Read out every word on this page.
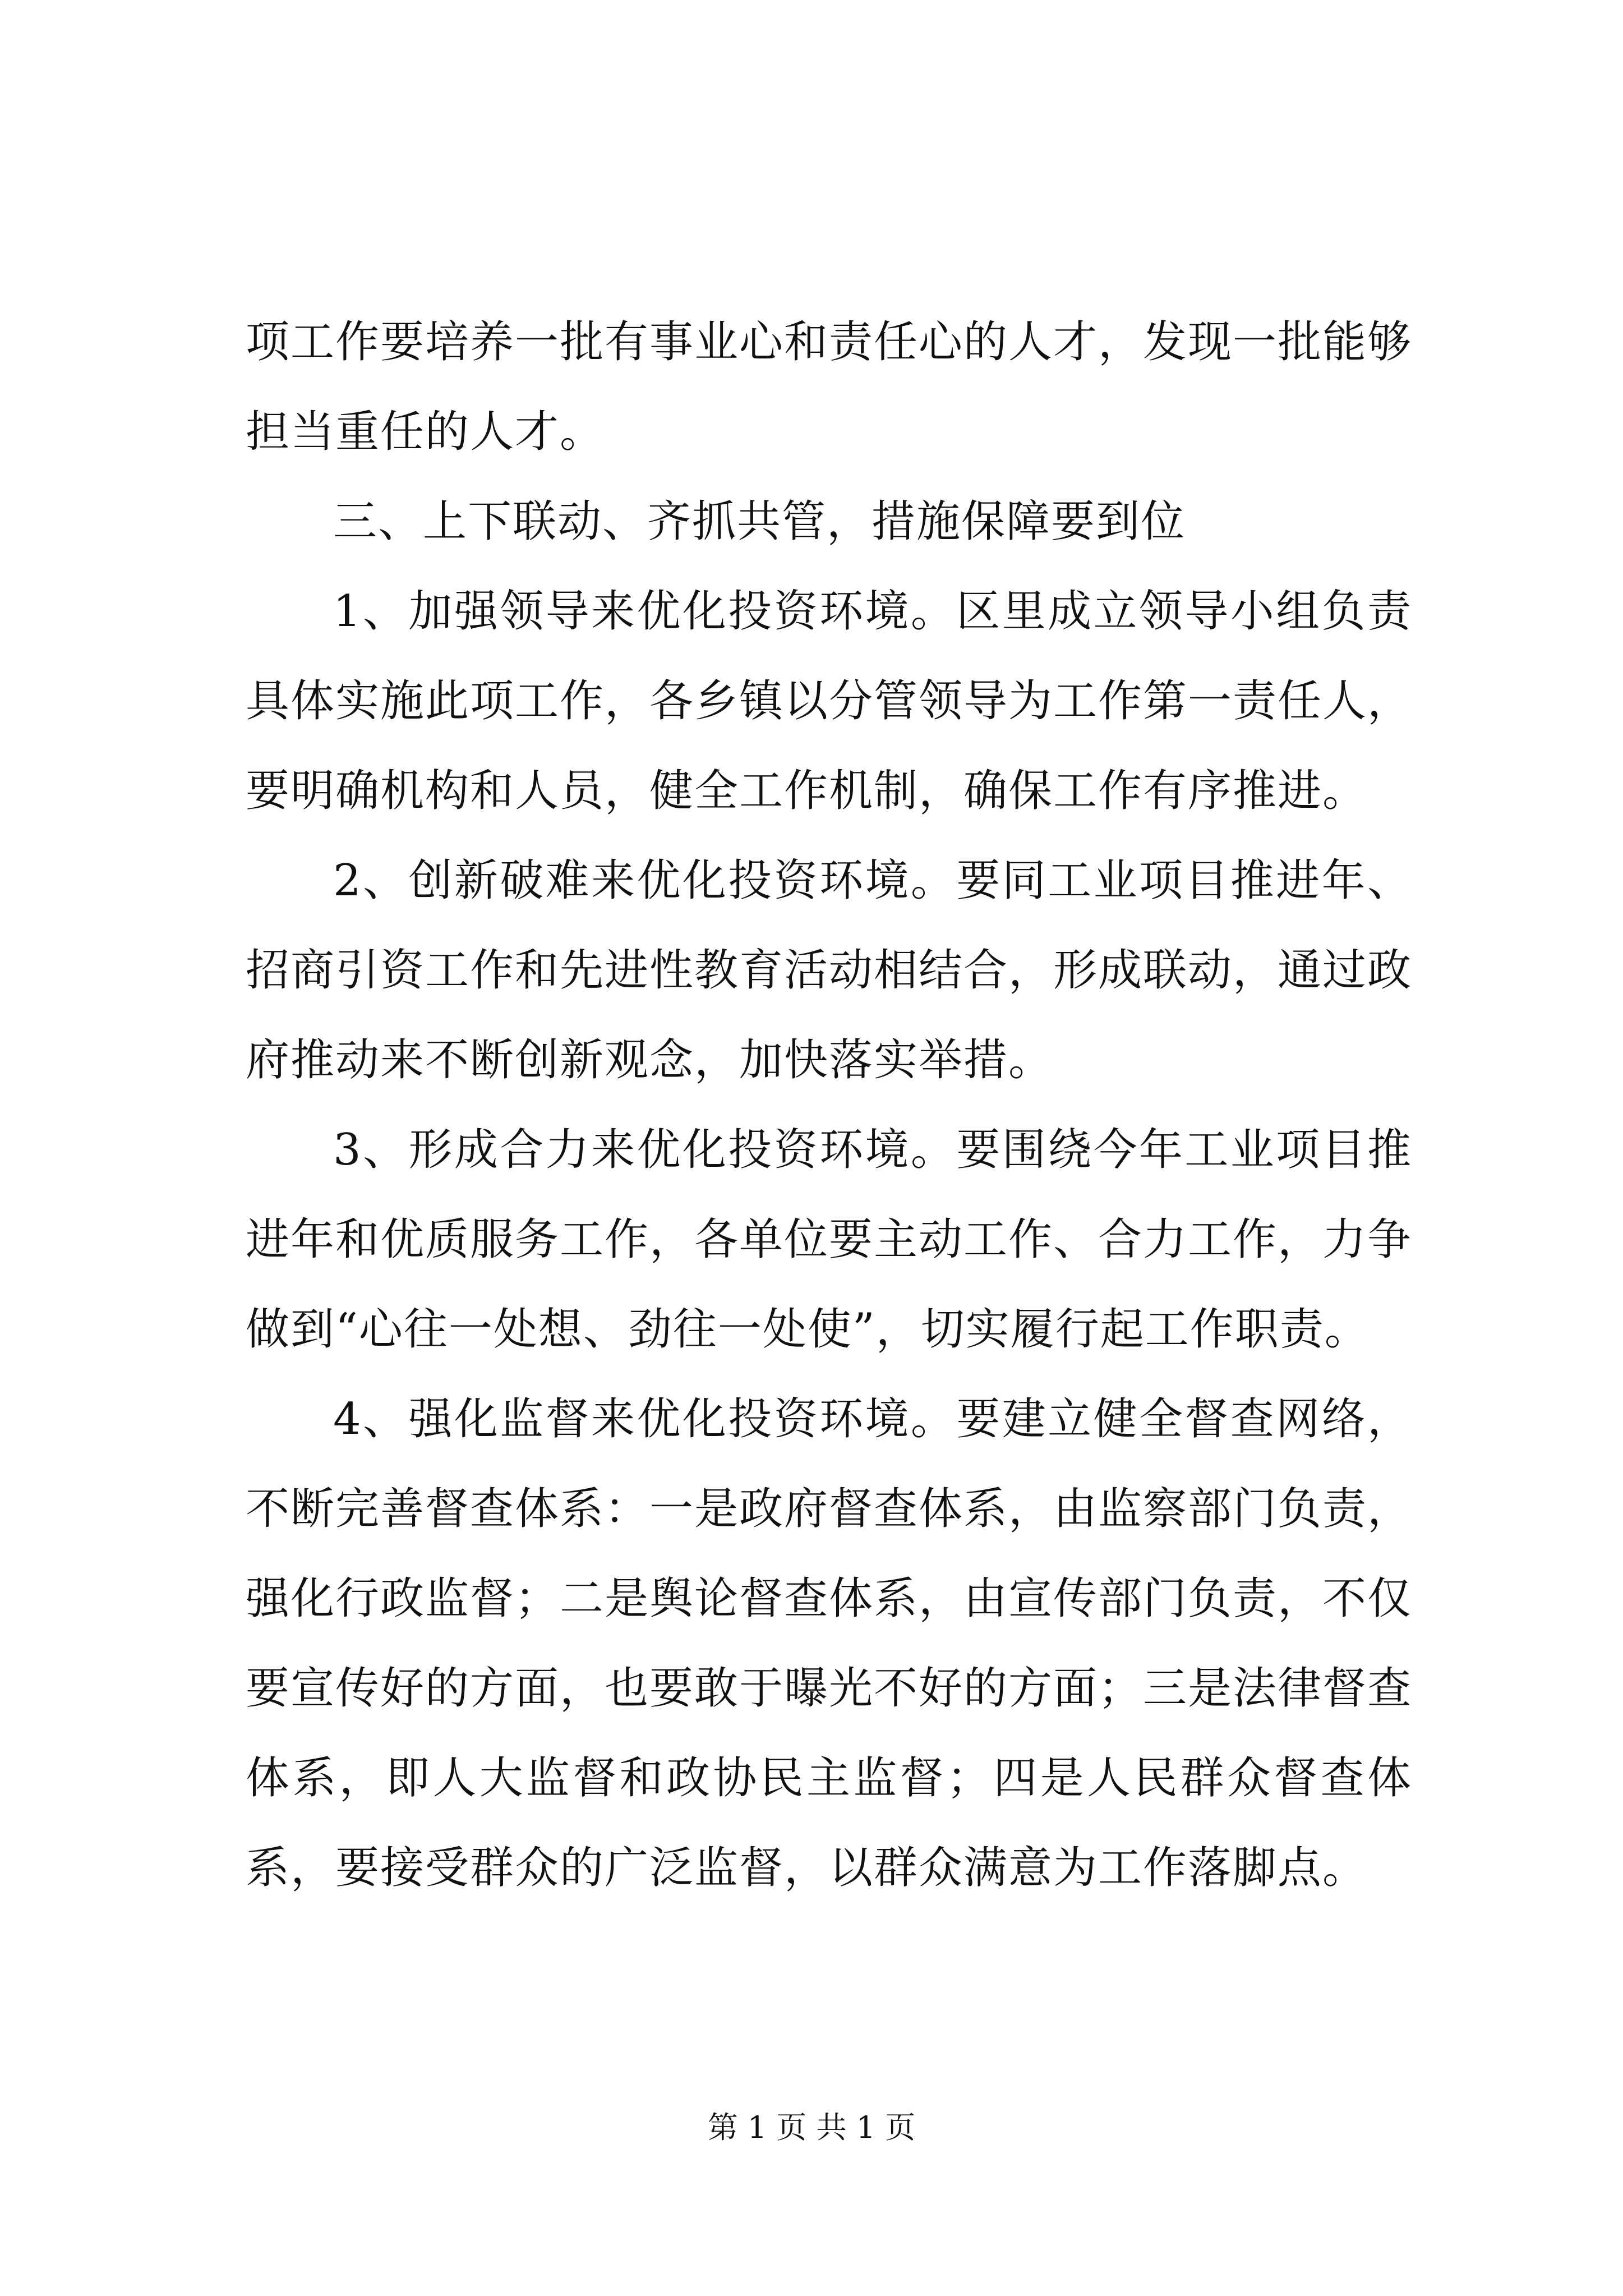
项工作要培养一批有事业心和责任心的人才，发现一批能够担当重任的人才。

三、上下联动、齐抓共管，措施保障要到位

1、加强领导来优化投资环境。区里成立领导小组负责具体实施此项工作，各乡镇以分管领导为工作第一责任人，要明确机构和人员，健全工作机制，确保工作有序推进。

2、创新破难来优化投资环境。要同工业项目推进年、招商引资工作和先进性教育活动相结合，形成联动，通过政府推动来不断创新观念，加快落实举措。

3、形成合力来优化投资环境。要围绕今年工业项目推进年和优质服务工作，各单位要主动工作、合力工作，力争做到“心往一处想、劲往一处使”，切实履行起工作职责。

4、强化监督来优化投资环境。要建立健全督查网络，不断完善督查体系：一是政府督查体系，由监察部门负责，强化行政监督；二是舆论督查体系，由宣传部门负责，不仅要宣传好的方面，也要敢于曝光不好的方面；三是法律督查体系，即人大监督和政协民主监督；四是人民群众督查体系，要接受群众的广泛监督，以群众满意为工作落脚点。

第 1 页 共 1 页
